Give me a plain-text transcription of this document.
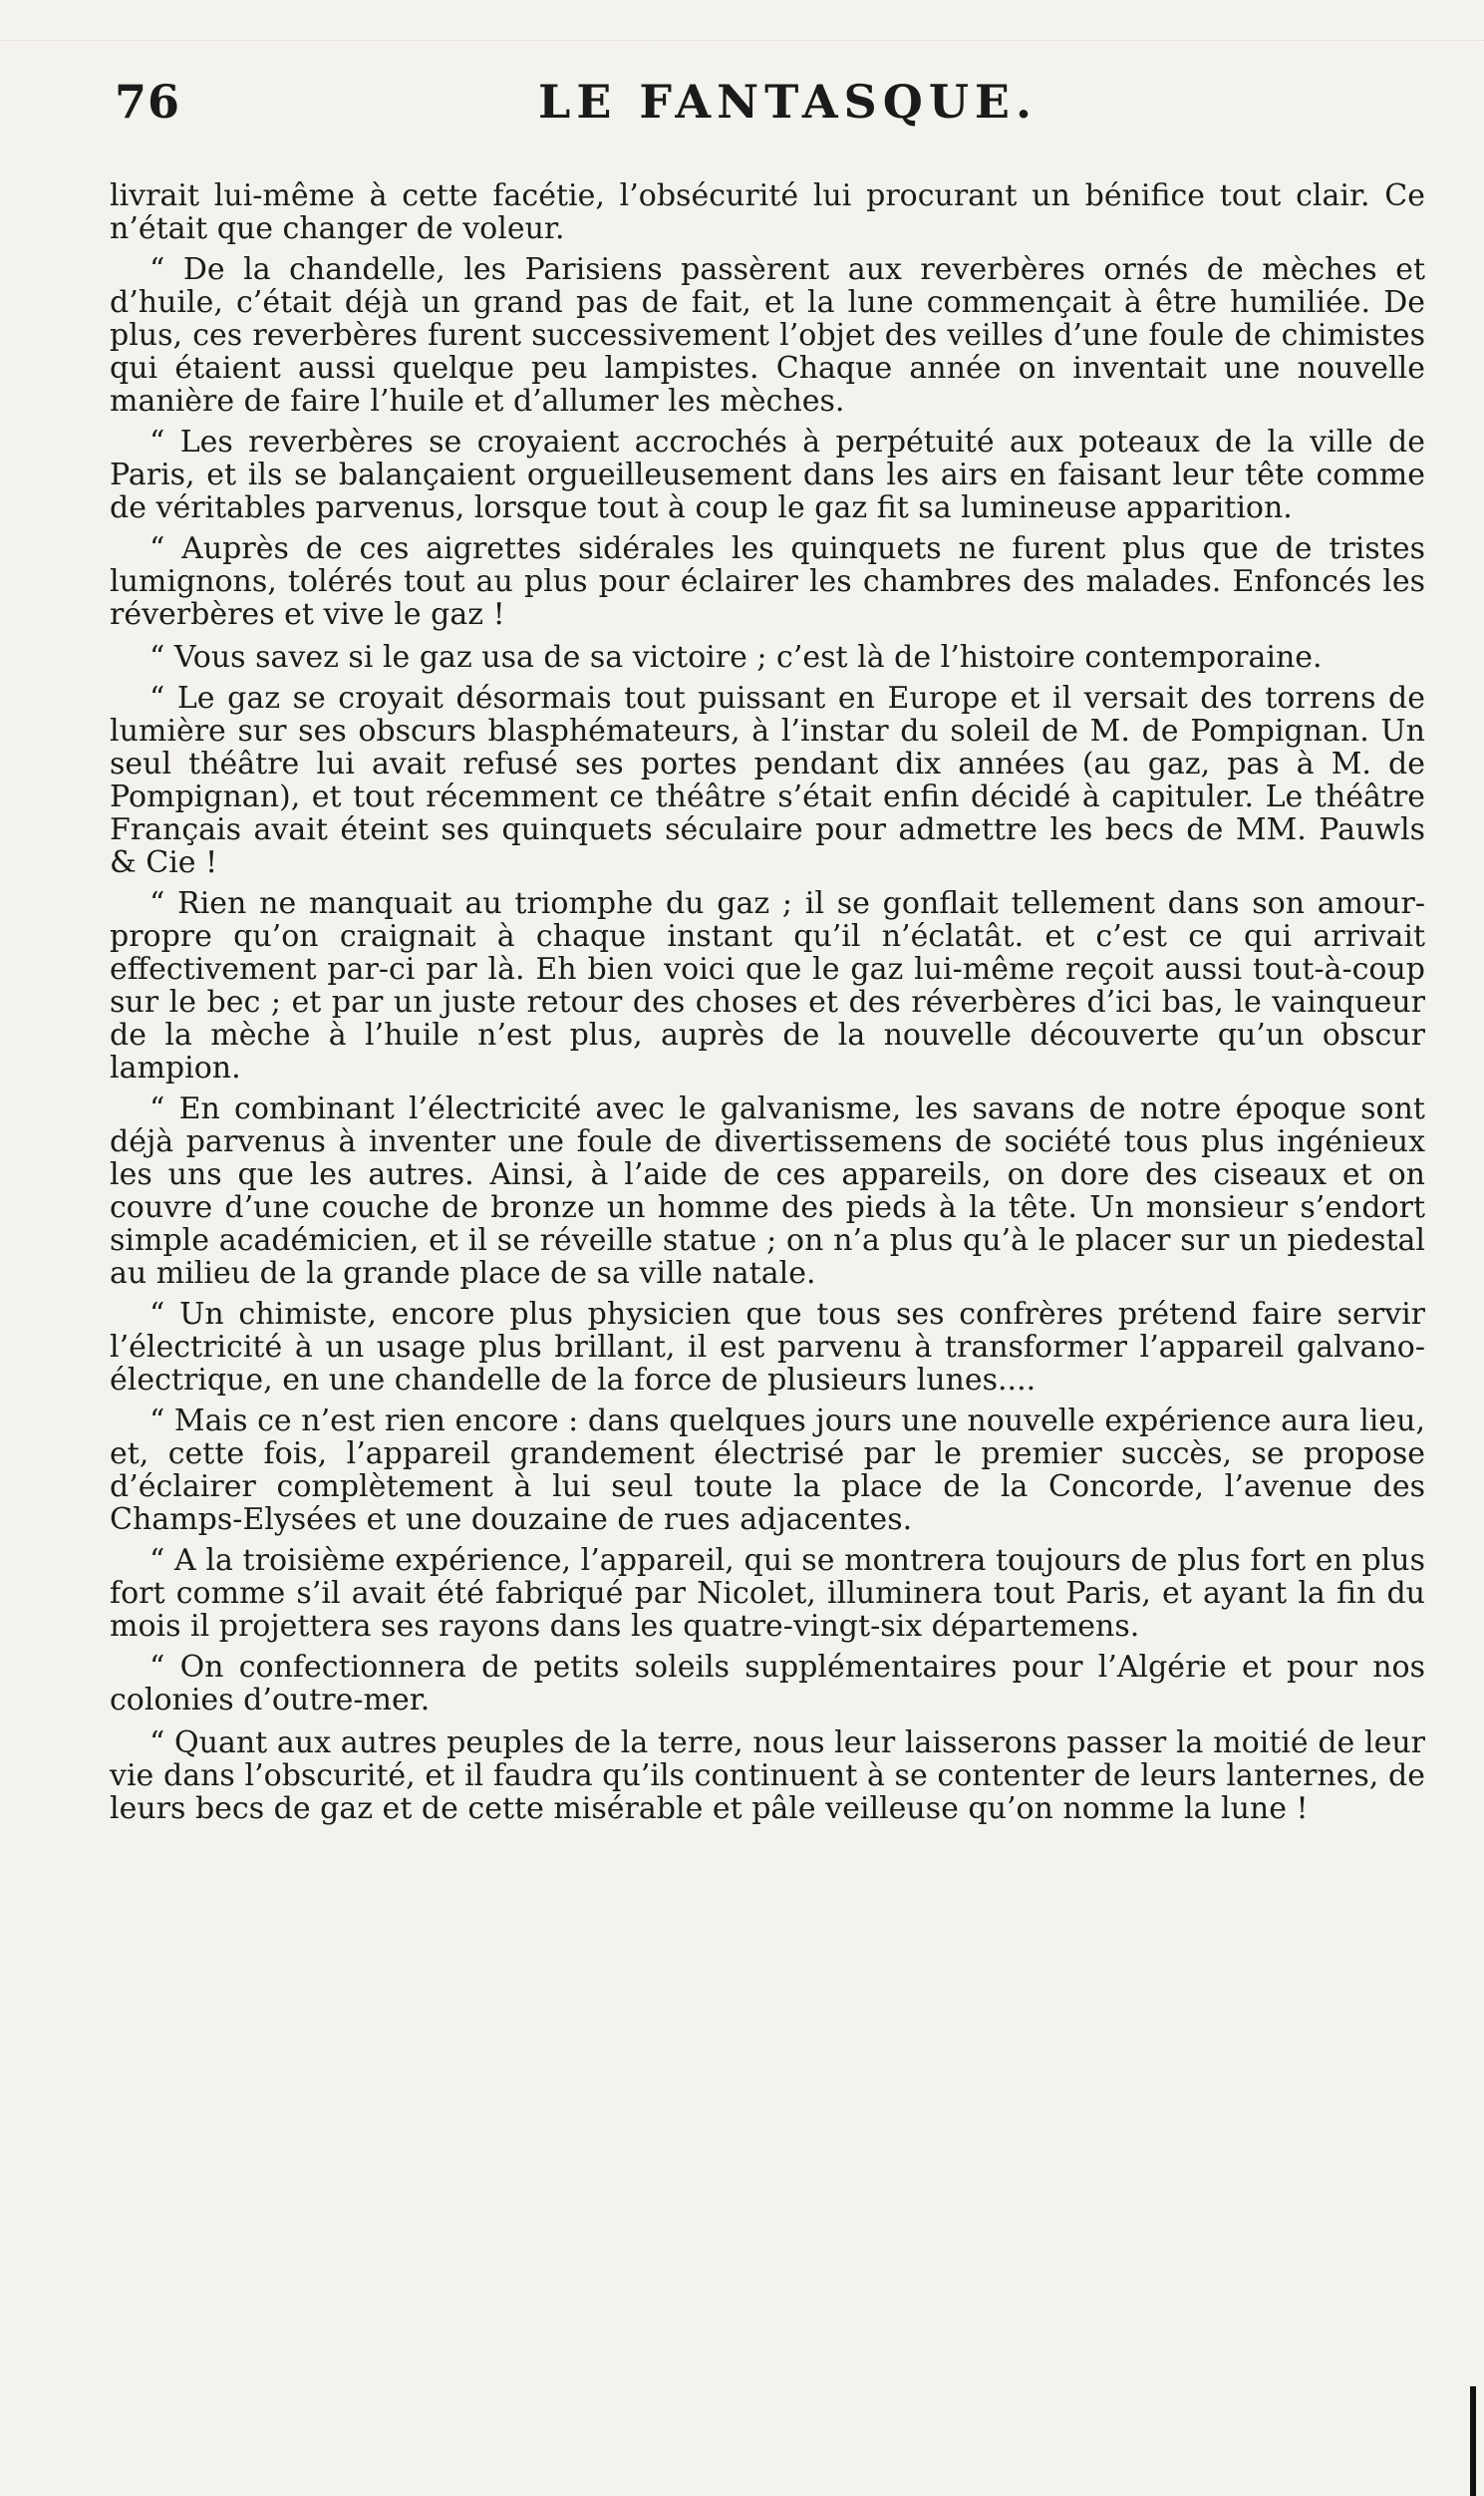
76	LE FANTASQUE.

livrait lui-même à cette facétie, l’obsécurité lui procurant un bénifice tout clair. Ce n’était que changer de voleur.

“ De la chandelle, les Parisiens passèrent aux reverbères ornés de mèches et d’huile, c’était déjà un grand pas de fait, et la lune commençait à être humiliée. De plus, ces reverbères furent successivement l’objet des veilles d’une foule de chimistes qui étaient aussi quelque peu lampistes. Chaque année on inventait une nouvelle manière de faire l’huile et d’allumer les mèches.

“ Les reverbères se croyaient accrochés à perpétuité aux poteaux de la ville de Paris, et ils se balançaient orgueilleusement dans les airs en faisant leur tête comme de véritables parvenus, lorsque tout à coup le gaz fit sa lumineuse apparition.

“ Auprès de ces aigrettes sidérales les quinquets ne furent plus que de tristes lumignons, tolérés tout au plus pour éclairer les chambres des malades. Enfoncés les réverbères et vive le gaz !

“ Vous savez si le gaz usa de sa victoire ; c’est là de l’histoire contemporaine.

“ Le gaz se croyait désormais tout puissant en Europe et il versait des torrens de lumière sur ses obscurs blasphémateurs, à l’instar du soleil de M. de Pompignan. Un seul théâtre lui avait refusé ses portes pendant dix années (au gaz, pas à M. de Pompignan), et tout récemment ce théâtre s’était enfin décidé à capituler. Le théâtre Français avait éteint ses quinquets séculaire pour admettre les becs de MM. Pauwls & Cie !

“ Rien ne manquait au triomphe du gaz ; il se gonflait tellement dans son amour-propre qu’on craignait à chaque instant qu’il n’éclatât. et c’est ce qui arrivait effectivement par-ci par là. Eh bien voici que le gaz lui-même reçoit aussi tout-à-coup sur le bec ; et par un juste retour des choses et des réverbères d’ici bas, le vainqueur de la mèche à l’huile n’est plus, auprès de la nouvelle découverte qu’un obscur lampion.

“ En combinant l’électricité avec le galvanisme, les savans de notre époque sont déjà parvenus à inventer une foule de divertissemens de société tous plus ingénieux les uns que les autres. Ainsi, à l’aide de ces appareils, on dore des ciseaux et on couvre d’une couche de bronze un homme des pieds à la tête. Un monsieur s’endort simple académicien, et il se réveille statue ; on n’a plus qu’à le placer sur un piedestal au milieu de la grande place de sa ville natale.

“ Un chimiste, encore plus physicien que tous ses confrères prétend faire servir l’électricité à un usage plus brillant, il est parvenu à transformer l’appareil galvano-électrique, en une chandelle de la force de plusieurs lunes....

“ Mais ce n’est rien encore : dans quelques jours une nouvelle expérience aura lieu, et, cette fois, l’appareil grandement électrisé par le premier succès, se propose d’éclairer complètement à lui seul toute la place de la Concorde, l’avenue des Champs-Elysées et une douzaine de rues adjacentes.

“ A la troisième expérience, l’appareil, qui se montrera toujours de plus fort en plus fort comme s’il avait été fabriqué par Nicolet, illuminera tout Paris, et ayant la fin du mois il projettera ses rayons dans les quatre-vingt-six départemens.

“ On confectionnera de petits soleils supplémentaires pour l’Algérie et pour nos colonies d’outre-mer.

“ Quant aux autres peuples de la terre, nous leur laisserons passer la moitié de leur vie dans l’obscurité, et il faudra qu’ils continuent à se contenter de leurs lanternes, de leurs becs de gaz et de cette misérable et pâle veilleuse qu’on nomme la lune !
